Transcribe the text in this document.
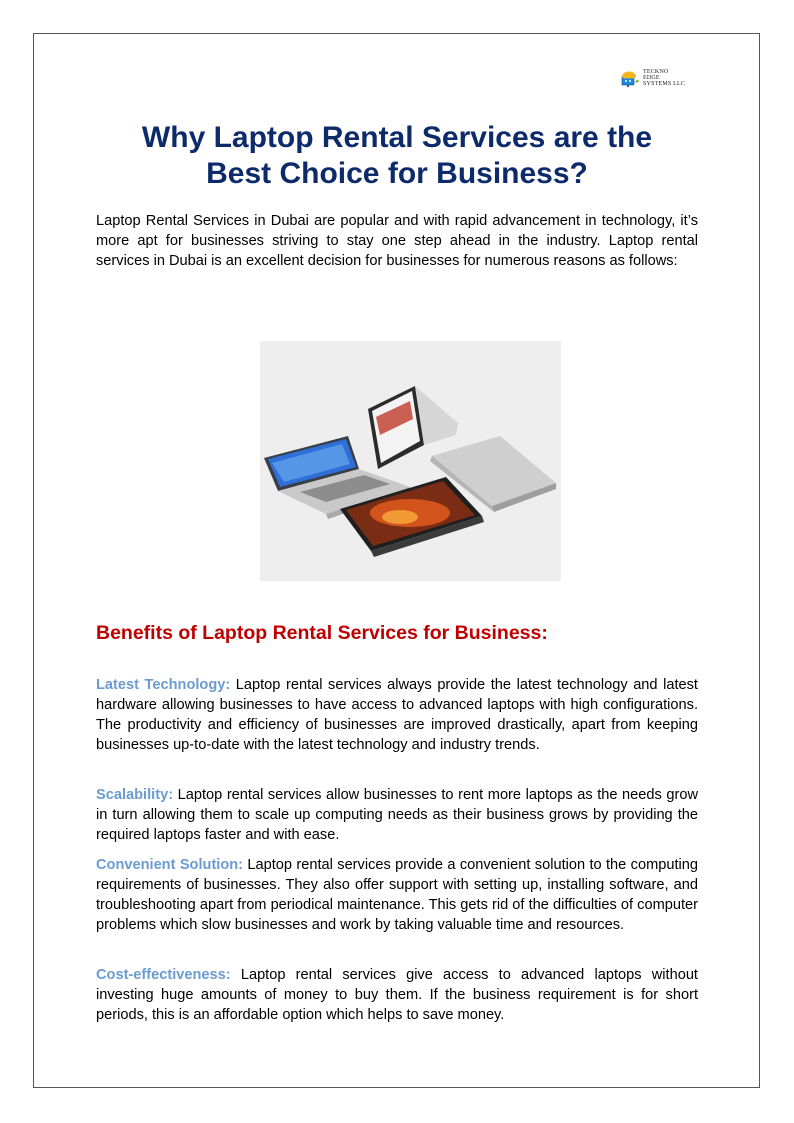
TECKNO
EDGE
SYSTEMS LLC
Why Laptop Rental Services are the
Best Choice for Business?

Laptop Rental Services in Dubai are popular and with rapid advancement in technology, it’s more apt for businesses striving to stay one step ahead in the industry. Laptop rental services in Dubai is an excellent decision for businesses for numerous reasons as follows:

Benefits of Laptop Rental Services for Business:

Latest Technology: Laptop rental services always provide the latest technology and latest hardware allowing businesses to have access to advanced laptops with high configurations. The productivity and efficiency of businesses are improved drastically, apart from keeping businesses up-to-date with the latest technology and industry trends.

Scalability: Laptop rental services allow businesses to rent more laptops as the needs grow in turn allowing them to scale up computing needs as their business grows by providing the required laptops faster and with ease.

Convenient Solution: Laptop rental services provide a convenient solution to the computing requirements of businesses. They also offer support with setting up, installing software, and troubleshooting apart from periodical maintenance. This gets rid of the difficulties of computer problems which slow businesses and work by taking valuable time and resources.

Cost-effectiveness: Laptop rental services give access to advanced laptops without investing huge amounts of money to buy them. If the business requirement is for short periods, this is an affordable option which helps to save money.
